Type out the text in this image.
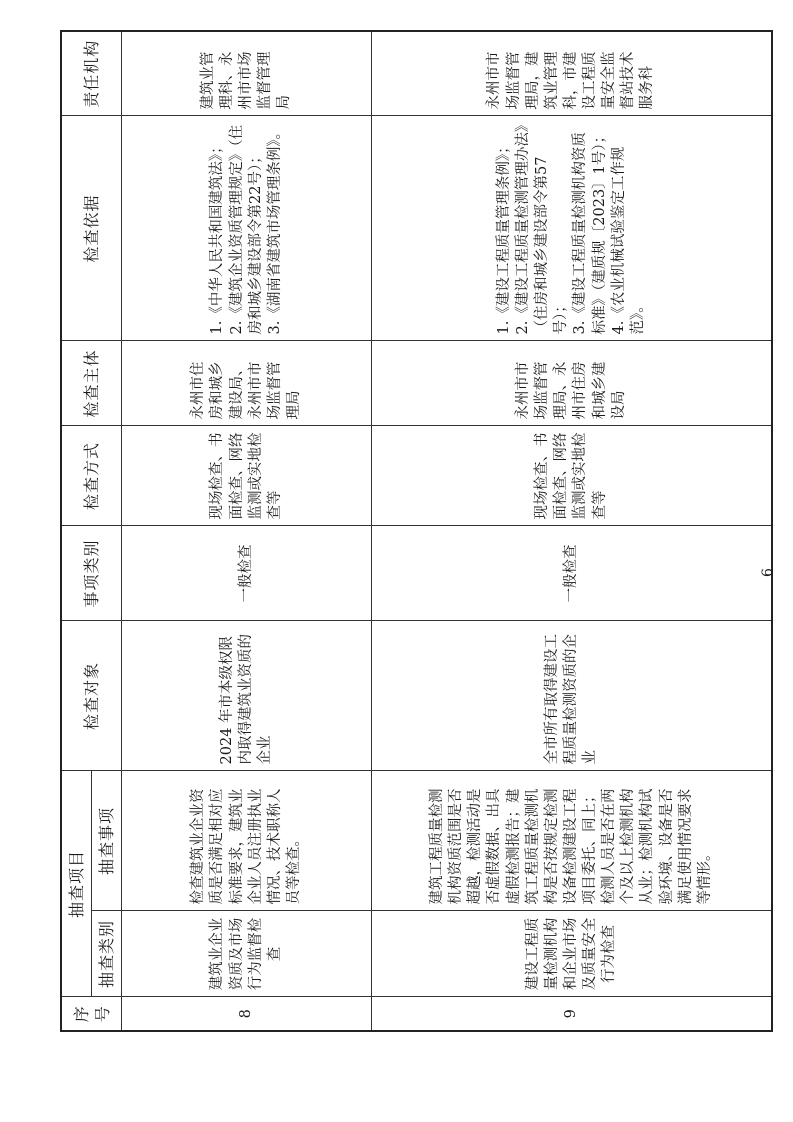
序号	抽查项目		检查对象	事项类别	检查方式	检查主体	检查依据	责任机构
	抽查类别	抽查事项						
8	建筑业企业资质及市场行为监督检查	检查建筑业企业资质是否满足相对应标准要求，建筑业企业人员注册执业情况、技术职称人员等检查。	2024 年市本级权限内取得建筑业资质的企业	一般检查	现场检查、书面检查、网络监测或实地检查等	永州市住房和城乡建设局、永州市市场监督管理局	1.《中华人民共和国建筑法》； 2.《建筑企业资质管理规定》（住房和城乡建设部令第22号）； 3.《湖南省建筑市场管理条例》。	建筑业管理科、永州市市场监督管理局
9	建设工程质量检测机构和企业市场及质量安全行为检查	建筑工程质量检测机构资质范围是否超越，检测活动是否虚假数据、出具虚假检测报告；建筑工程质量检测机构是否按规定检测设备检测建设工程项目委托、同上；检测人员是否在两个及以上检测机构从业；检测机构试验环境、设备是否满足使用情况要求等情形。	全市所有取得建设工程质量检测资质的企业	一般检查	现场检查、书面检查、网络监测或实地检查等	永州市市场监督管理局、永州市住房和城乡建设局	1.《建设工程质量管理条例》； 2.《建设工程质量检测管理办法》（住房和城乡建设部令第57号）； 3.《建设工程质量检测机构资质标准》（建质规〔2023〕1号）； 4.《农业机械试验鉴定工作规范》。	永州市市场监督管理局，建筑业管理科，市建设工程质量安全监督站技术服务科
6
